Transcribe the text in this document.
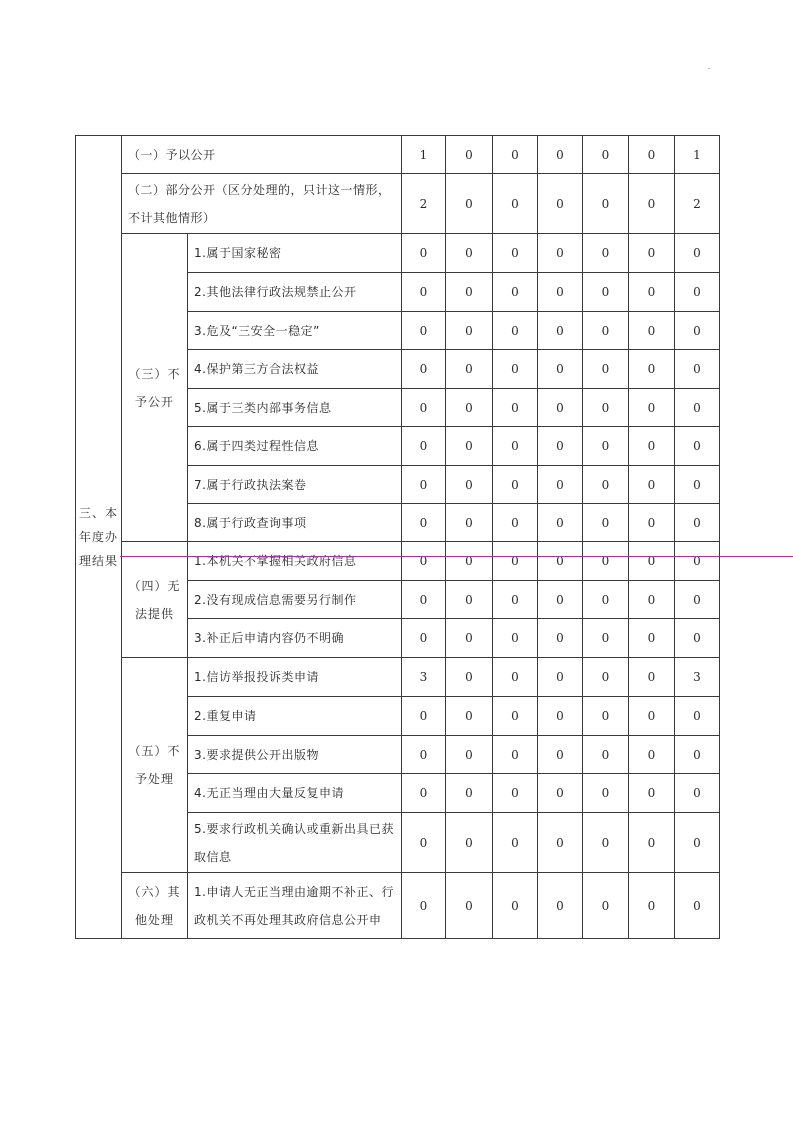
三、本年度办理结果	（一）予以公开		1	0	0	0	0	0	1
	（二）部分公开（区分处理的，只计这一情形，不计其他情形）		2	0	0	0	0	0	2
	（三）不予公开	1.属于国家秘密	0	0	0	0	0	0	0
		2.其他法律行政法规禁止公开	0	0	0	0	0	0	0
		3.危及“三安全一稳定”	0	0	0	0	0	0	0
		4.保护第三方合法权益	0	0	0	0	0	0	0
		5.属于三类内部事务信息	0	0	0	0	0	0	0
		6.属于四类过程性信息	0	0	0	0	0	0	0
		7.属于行政执法案卷	0	0	0	0	0	0	0
		8.属于行政查询事项	0	0	0	0	0	0	0
	（四）无法提供	1.本机关不掌握相关政府信息	0	0	0	0	0	0	0
		2.没有现成信息需要另行制作	0	0	0	0	0	0	0
		3.补正后申请内容仍不明确	0	0	0	0	0	0	0
	（五）不予处理	1.信访举报投诉类申请	3	0	0	0	0	0	3
		2.重复申请	0	0	0	0	0	0	0
		3.要求提供公开出版物	0	0	0	0	0	0	0
		4.无正当理由大量反复申请	0	0	0	0	0	0	0
		5.要求行政机关确认或重新出具已获取信息	0	0	0	0	0	0	0
	（六）其他处理	1.申请人无正当理由逾期不补正、行政机关不再处理其政府信息公开申	0	0	0	0	0	0	0
